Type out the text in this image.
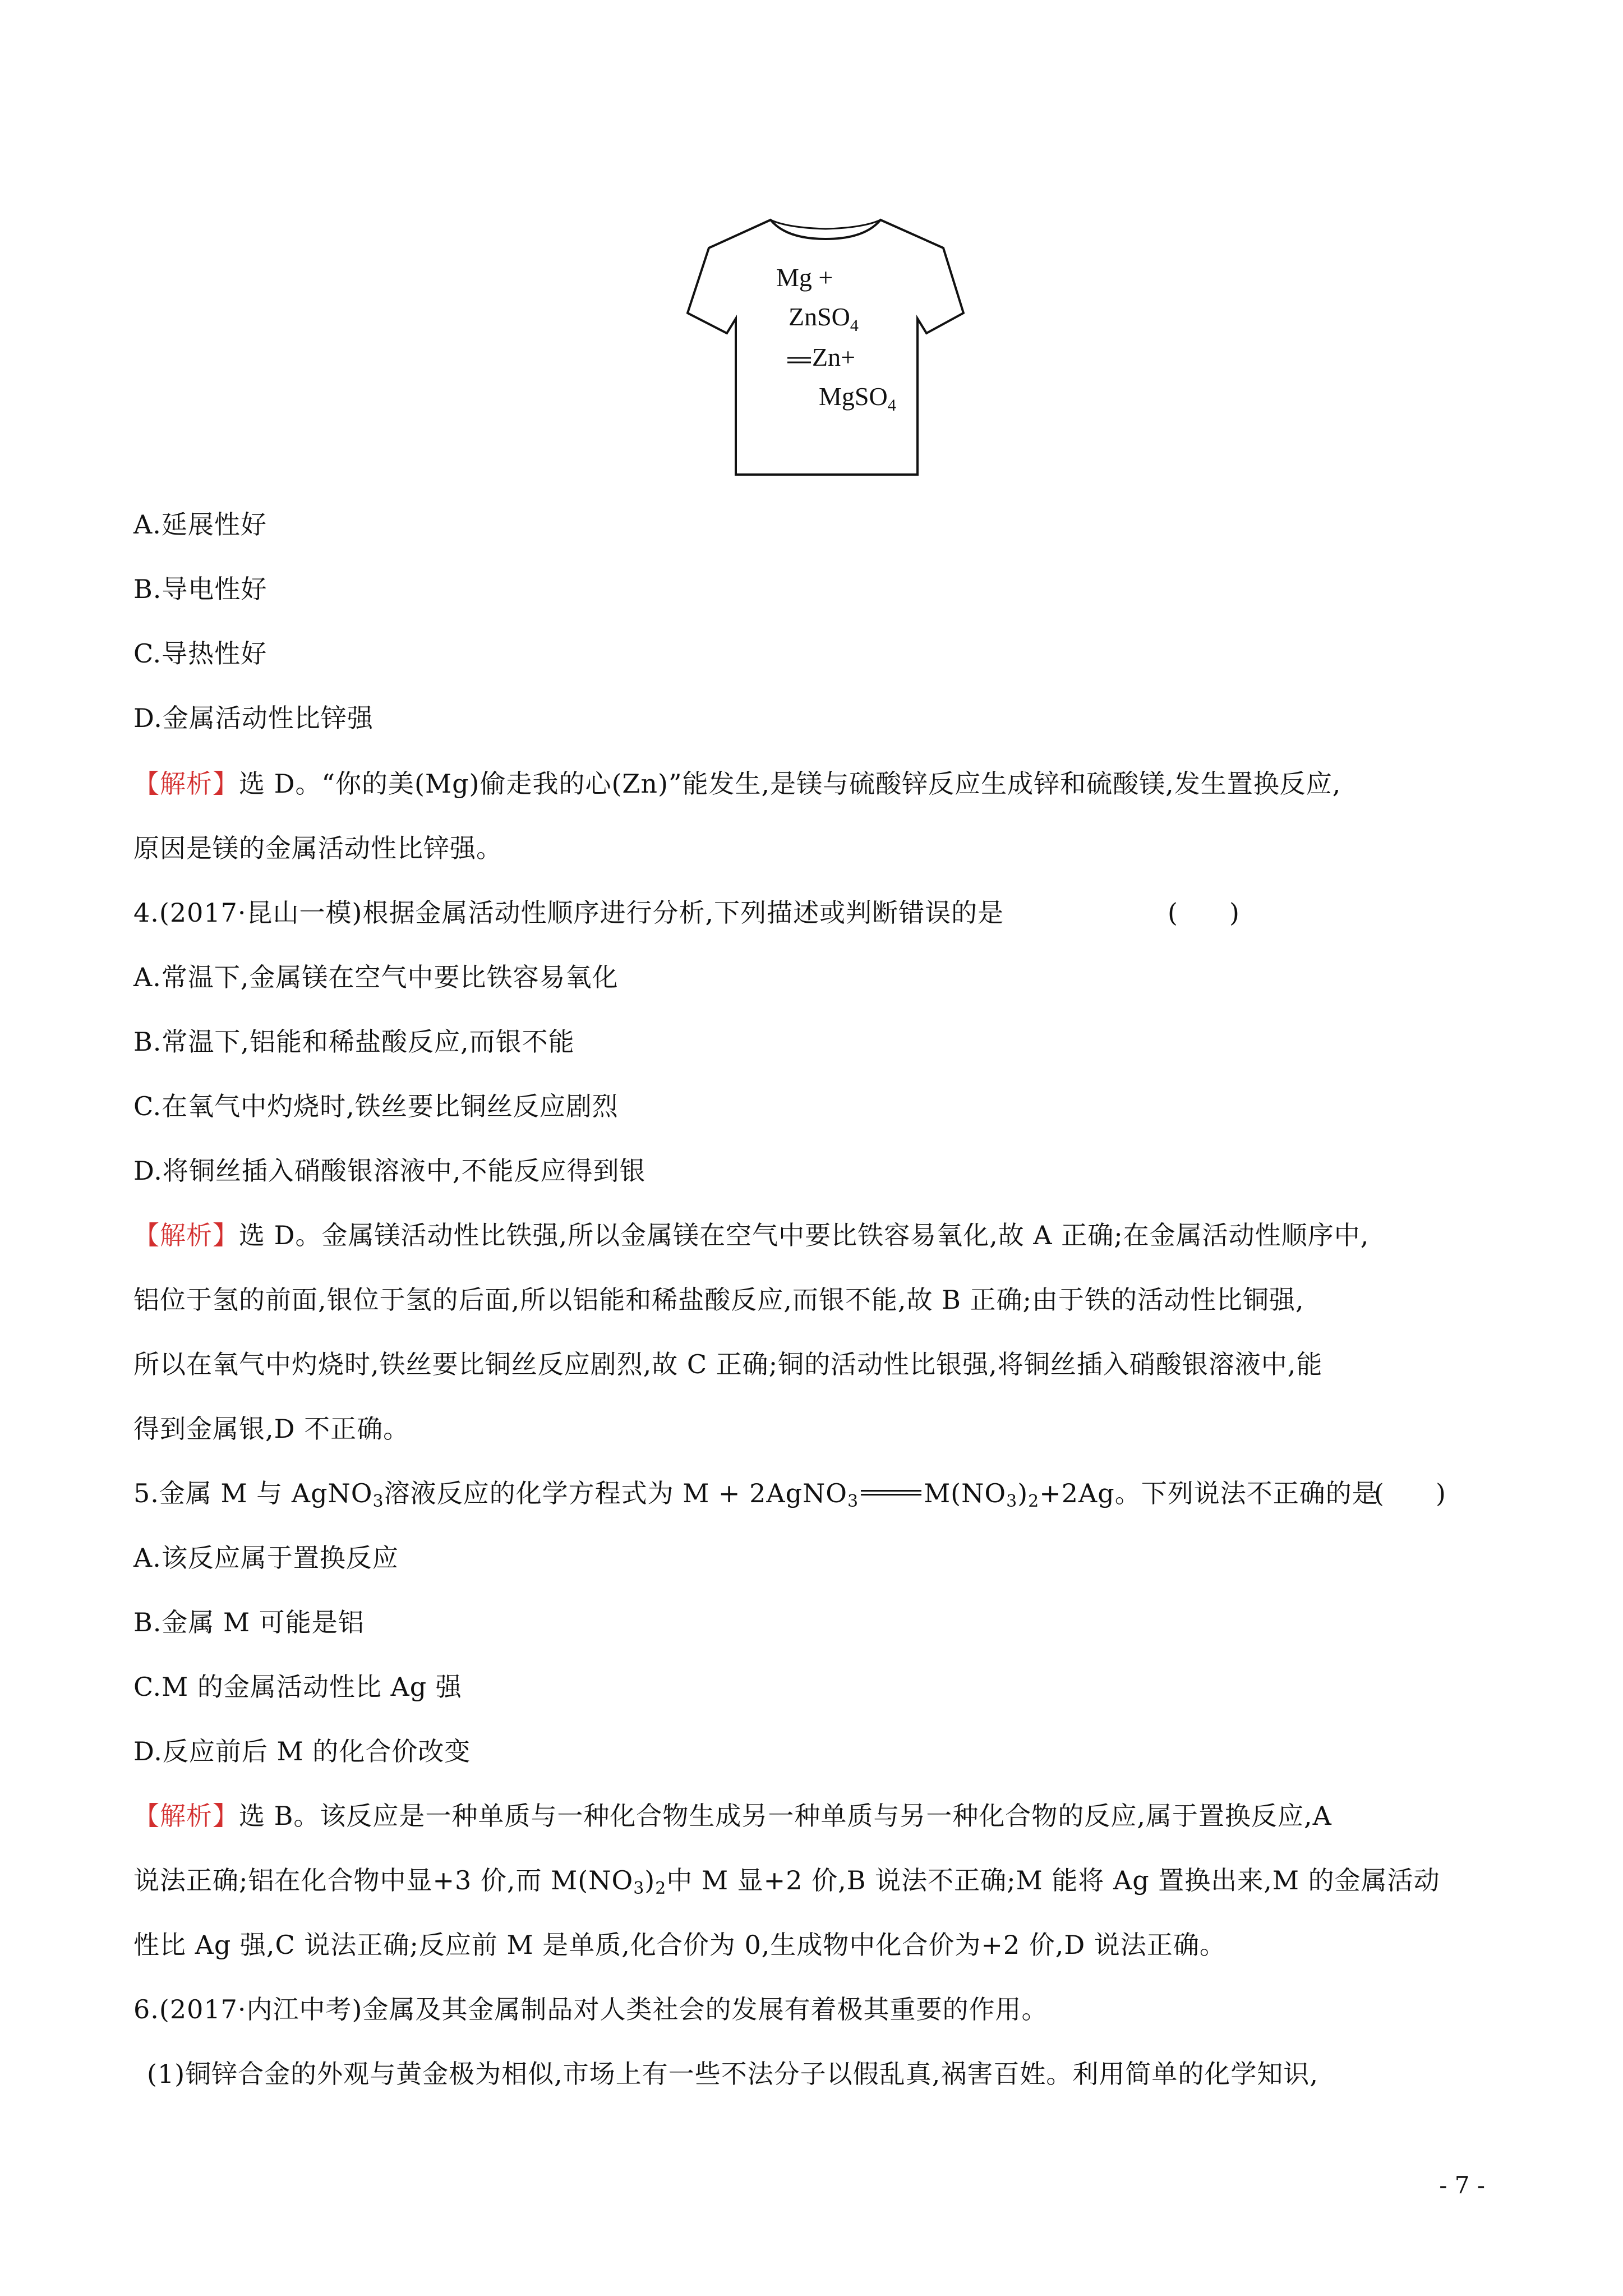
Mg +
ZnSO$_4$
Zn+
MgSO$_4$
A.延展性好
B.导电性好
C.导热性好
D.金属活动性比锌强
【解析】选 D。“你的美(Mg)偷走我的心(Zn)”能发生,是镁与硫酸锌反应生成锌和硫酸镁,发生置换反应,
原因是镁的金属活动性比锌强。
4.(2017·昆山一模)根据金属活动性顺序进行分析,下列描述或判断错误的是	(　　)
A.常温下,金属镁在空气中要比铁容易氧化
B.常温下,铝能和稀盐酸反应,而银不能
C.在氧气中灼烧时,铁丝要比铜丝反应剧烈
D.将铜丝插入硝酸银溶液中,不能反应得到银
【解析】选 D。金属镁活动性比铁强,所以金属镁在空气中要比铁容易氧化,故 A 正确;在金属活动性顺序中,
铝位于氢的前面,银位于氢的后面,所以铝能和稀盐酸反应,而银不能,故 B 正确;由于铁的活动性比铜强,
所以在氧气中灼烧时,铁丝要比铜丝反应剧烈,故 C 正确;铜的活动性比银强,将铜丝插入硝酸银溶液中,能
得到金属银,D 不正确。
5.金属 M 与 AgNO$_3$溶液反应的化学方程式为 M + 2AgNO$_3$	$M(NO_3)_2+2Ag$。下列说法不正确的是
(　　)
A.该反应属于置换反应
B.金属 M 可能是铝
C.M 的金属活动性比 Ag 强
D.反应前后 M 的化合价改变
【解析】选 B。该反应是一种单质与一种化合物生成另一种单质与另一种化合物的反应,属于置换反应,A
说法正确;铝在化合物中显+3 价,而 $M(NO_3)_2$中 M 显+2 价,B 说法不正确;M 能将 Ag 置换出来,M 的金属活动
性比 Ag 强,C 说法正确;反应前 M 是单质,化合价为 0,生成物中化合价为+2 价,D 说法正确。
6.(2017·内江中考)金属及其金属制品对人类社会的发展有着极其重要的作用。
(1)铜锌合金的外观与黄金极为相似,市场上有一些不法分子以假乱真,祸害百姓。利用简单的化学知识,
- 7 -
